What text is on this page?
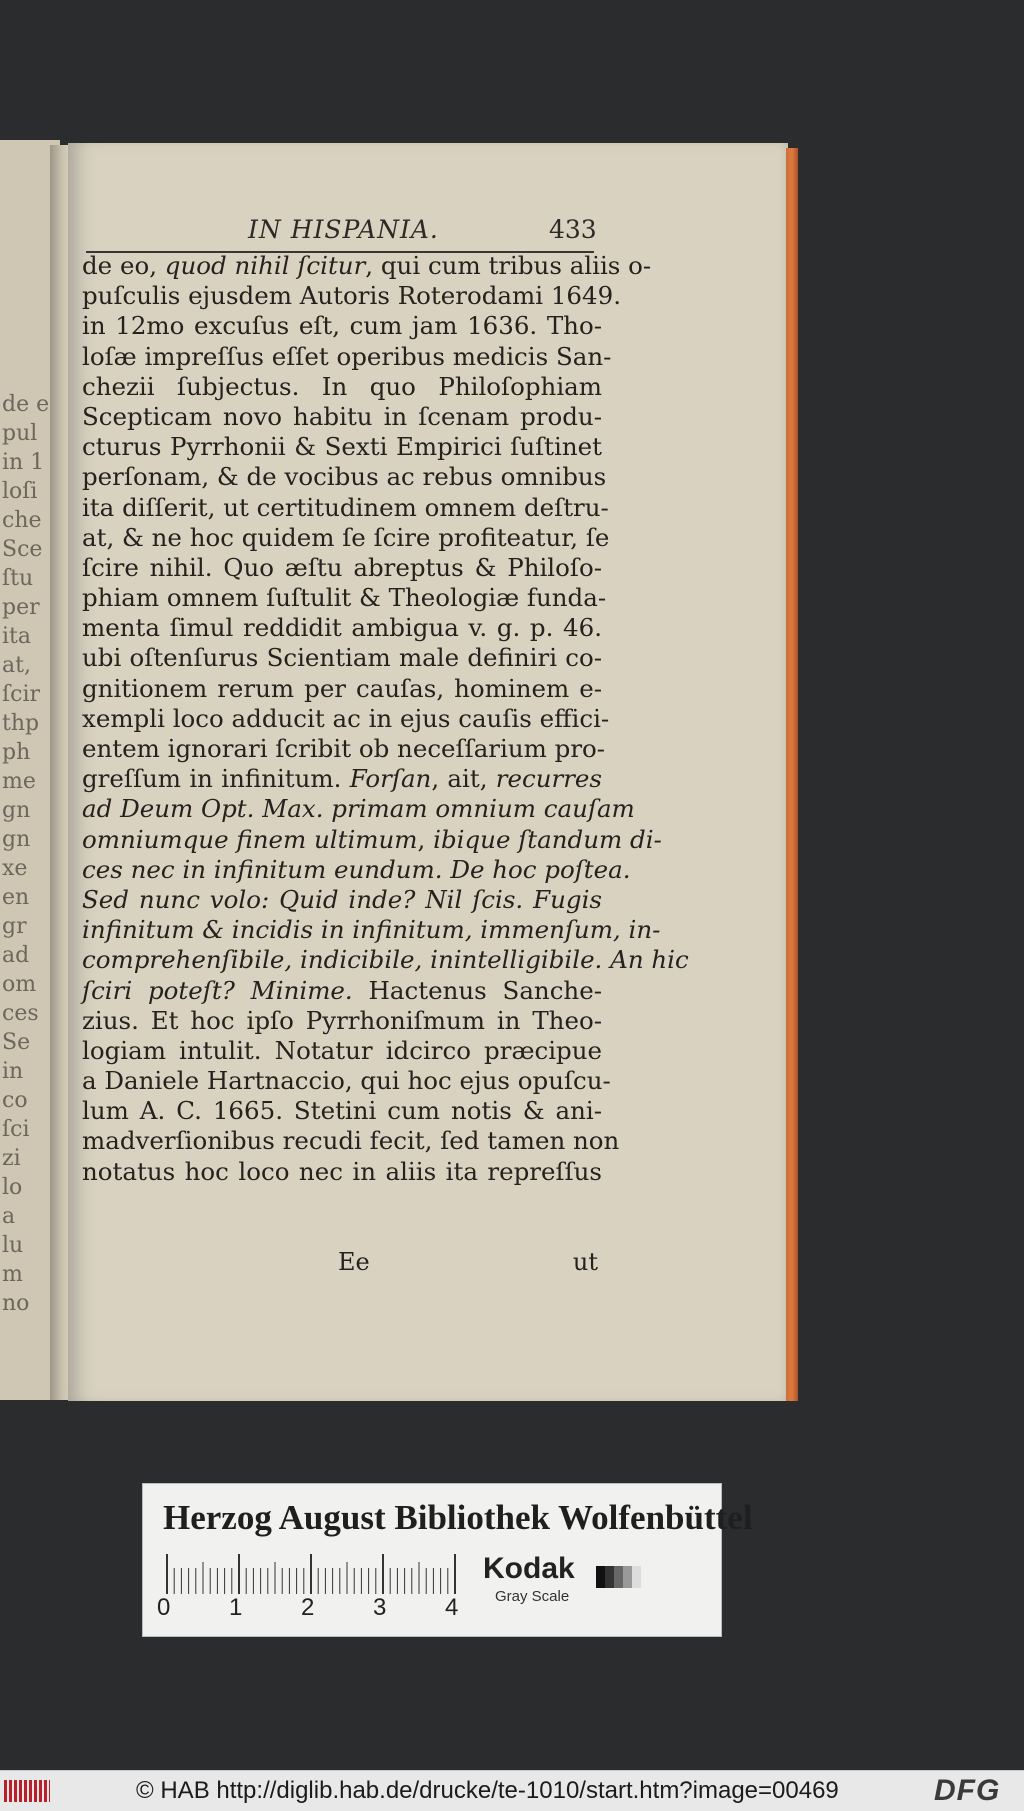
de e
pul
in 1
loſi
che
Sce
ſtu
per
ita
at,
ſcir
thp
ph
me
gn
gn
xe
en
gr
ad
om
ces
Se
in
co
ſci
zi
lo
a
lu
m
no
IN HISPANIA.	433
de eo, quod nihil ſcitur, qui cum tribus aliis o-
puſculis ejusdem Autoris Roterodami 1649.
in 12mo excuſus eſt, cum jam 1636. Tho-
loſæ impreſſus eſſet operibus medicis San-
chezii ſubjectus. In quo Philoſophiam
Scepticam novo habitu in ſcenam produ-
cturus Pyrrhonii & Sexti Empirici ſuſtinet
perſonam, & de vocibus ac rebus omnibus
ita diſſerit, ut certitudinem omnem deſtru-
at, & ne hoc quidem ſe ſcire profiteatur, ſe
ſcire nihil. Quo æſtu abreptus & Philoſo-
phiam omnem ſuſtulit & Theologiæ funda-
menta ſimul reddidit ambigua v. g. p. 46.
ubi oſtenſurus Scientiam male definiri co-
gnitionem rerum per cauſas, hominem e-
xempli loco adducit ac in ejus cauſis effici-
entem ignorari ſcribit ob neceſſarium pro-
greſſum in infinitum. Forſan, ait, recurres
ad Deum Opt. Max. primam omnium cauſam
omniumque finem ultimum, ibique ſtandum di-
ces nec in infinitum eundum. De hoc poſtea.
Sed nunc volo: Quid inde? Nil ſcis. Fugis
infinitum & incidis in infinitum, immenſum, in-
comprehenſibile, indicibile, inintelligibile. An hic
ſciri poteſt? Minime. Hactenus Sanche-
zius. Et hoc ipſo Pyrrhoniſmum in Theo-
logiam intulit. Notatur idcirco præcipue
a Daniele Hartnaccio, qui hoc ejus opuſcu-
lum A. C. 1665. Stetini cum notis & ani-
madverſionibus recudi fecit, ſed tamen non
notatus hoc loco nec in aliis ita repreſſus
Ee	ut
Herzog August Bibliothek Wolfenbüttel
0 1 2 3 4
Kodak
Gray Scale
© HAB http://diglib.hab.de/drucke/te-1010/start.htm?image=00469	DFG
